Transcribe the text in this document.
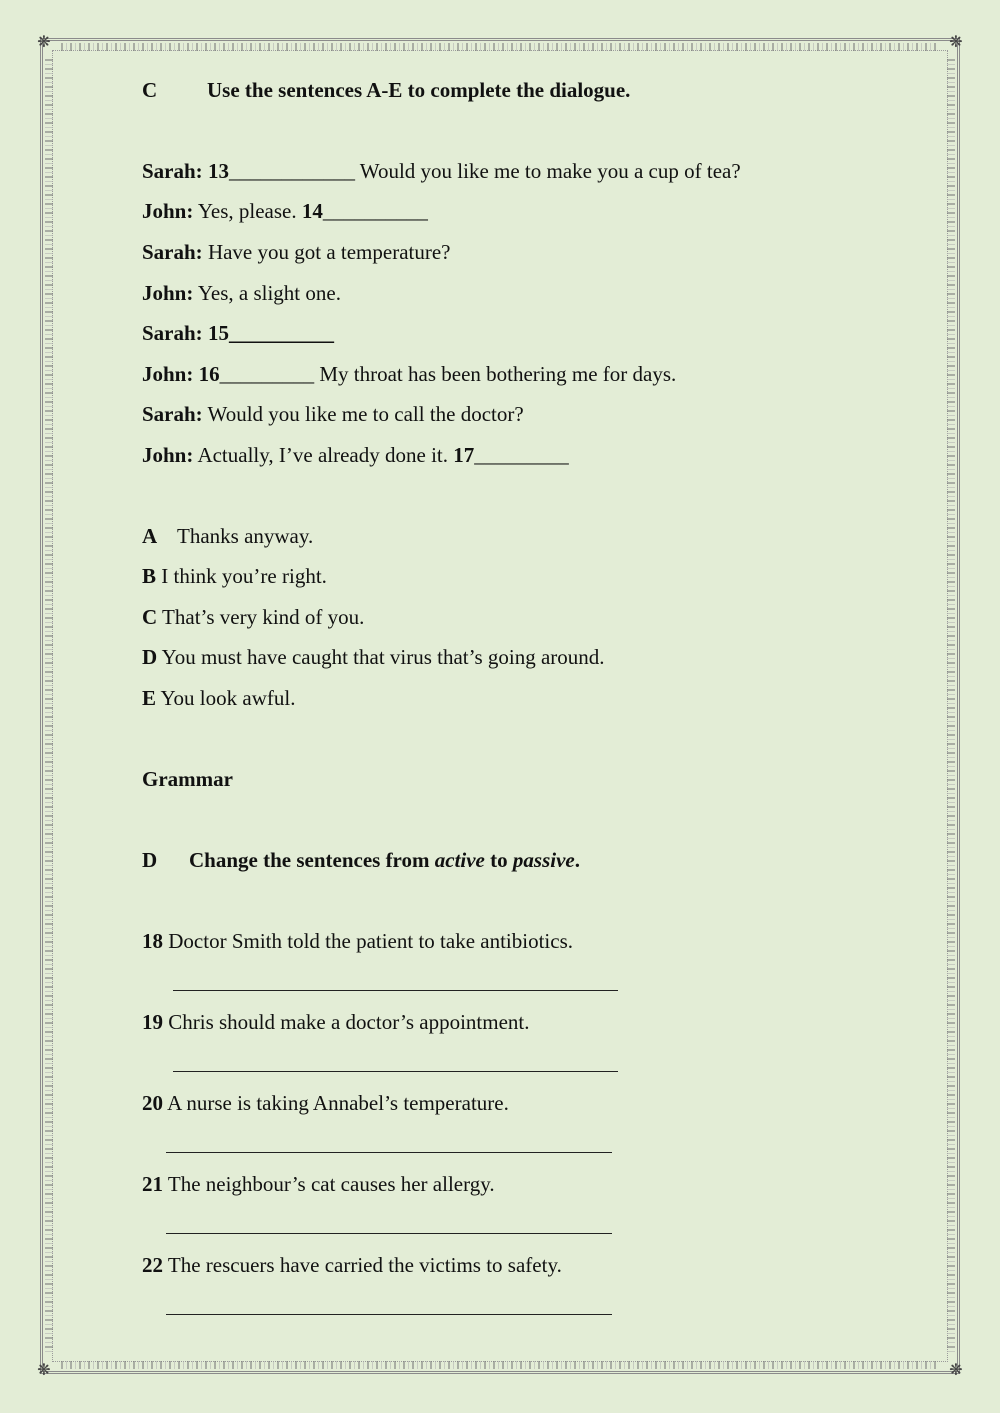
❋	❋
❋	❋
C Use the sentences A-E to complete the dialogue.
Sarah: 13____________ Would you like me to make you a cup of tea?
John: Yes, please. 14__________
Sarah: Have you got a temperature?
John: Yes, a slight one.
Sarah: 15__________
John: 16_________ My throat has been bothering me for days.
Sarah: Would you like me to call the doctor?
John: Actually, I’ve already done it. 17_________
A Thanks anyway.
B I think you’re right.
C That’s very kind of you.
D You must have caught that virus that’s going around.
E You look awful.
Grammar
D Change the sentences from active to passive.
18 Doctor Smith told the patient to take antibiotics.
19 Chris should make a doctor’s appointment.
20 A nurse is taking Annabel’s temperature.
21 The neighbour’s cat causes her allergy.
22 The rescuers have carried the victims to safety.
